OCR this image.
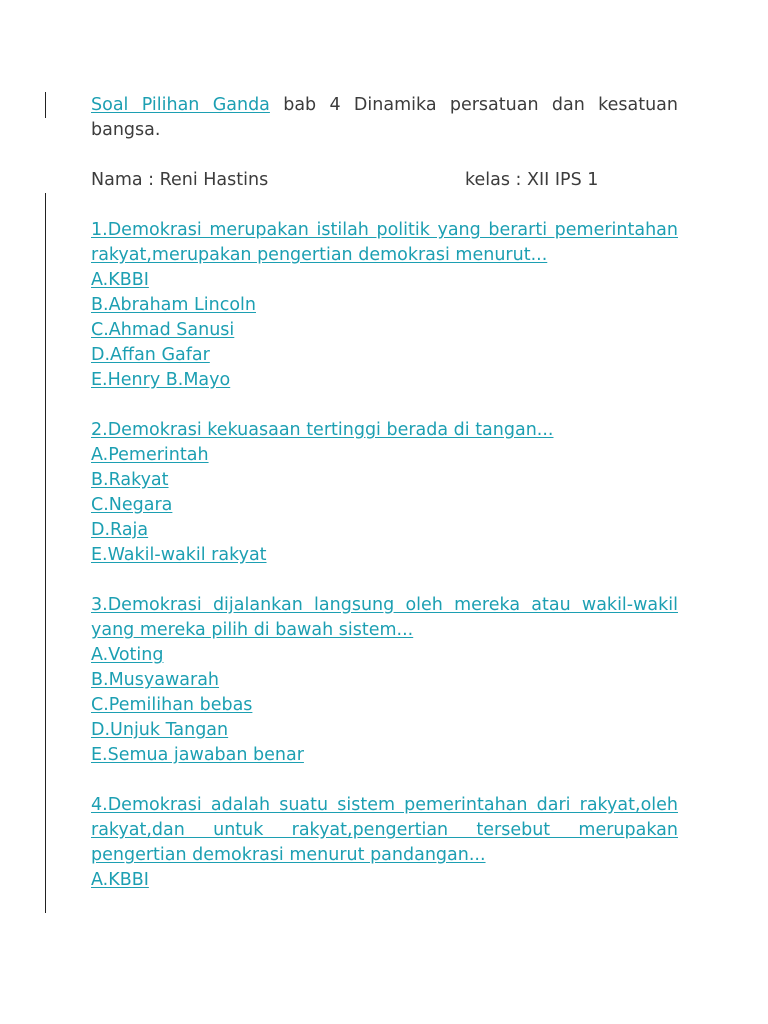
Soal Pilihan Ganda bab 4 Dinamika persatuan dan kesatuan bangsa.
Nama : Reni Hastins	kelas : XII IPS 1
1.Demokrasi merupakan istilah politik yang berarti pemerintahan rakyat,merupakan pengertian demokrasi menurut...
A.KBBI
B.Abraham Lincoln
C.Ahmad Sanusi
D.Affan Gafar
E.Henry B.Mayo
2.Demokrasi kekuasaan tertinggi berada di tangan...
A.Pemerintah
B.Rakyat
C.Negara
D.Raja
E.Wakil-wakil rakyat
3.Demokrasi dijalankan langsung oleh mereka atau wakil-wakil yang mereka pilih di bawah sistem...
A.Voting
B.Musyawarah
C.Pemilihan bebas
D.Unjuk Tangan
E.Semua jawaban benar
4.Demokrasi adalah suatu sistem pemerintahan dari rakyat,oleh rakyat,dan untuk rakyat,pengertian tersebut merupakan pengertian demokrasi menurut pandangan...
A.KBBI
